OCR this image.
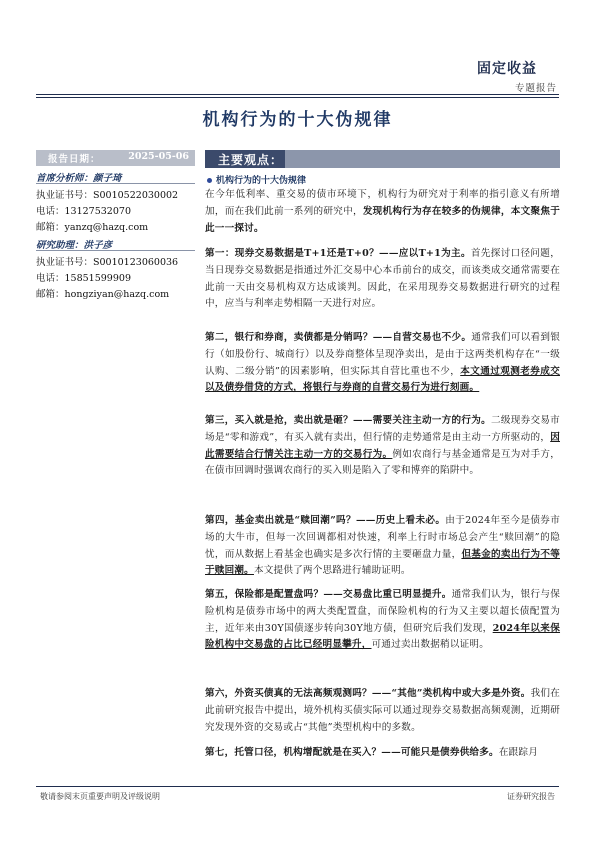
固定收益
专题报告
机构行为的十大伪规律
报告日期：	2025-05-06
首席分析师：颜子琦
执业证书号：S0010522030002
电话：13127532070
邮箱：yanzq@hazq.com
研究助理：洪子彦
执业证书号：S0010123060036
电话：15851599909
邮箱：hongziyan@hazq.com
主要观点：
机构行为的十大伪规律
在今年低利率、重交易的债市环境下，机构行为研究对于利率的指引意义有所增加，而在我们此前一系列的研究中，发现机构行为存在较多的伪规律，本文聚焦于此一一探讨。
第一：现券交易数据是T+1还是T+0？——应以T+1为主。首先探讨口径问题，当日现券交易数据是指通过外汇交易中心本币前台的成交，而该类成交通常需要在此前一天由交易机构双方达成谈判。因此，在采用现券交易数据进行研究的过程中，应当与利率走势相隔一天进行对应。
第二，银行和券商，卖债都是分销吗？——自营交易也不少。通常我们可以看到银行（如股份行、城商行）以及券商整体呈现净卖出，是由于这两类机构存在“一级认购、二级分销”的因素影响，但实际其自营比重也不少，本文通过观测老券成交以及债券借贷的方式，将银行与券商的自营交易行为进行刻画。
第三，买入就是抢，卖出就是砸？——需要关注主动一方的行为。二级现券交易市场是“零和游戏”，有买入就有卖出，但行情的走势通常是由主动一方所驱动的，因此需要结合行情关注主动一方的交易行为。例如农商行与基金通常是互为对手方，在债市回调时强调农商行的买入则是陷入了零和博弈的陷阱中。
第四，基金卖出就是“赎回潮”吗？——历史上看未必。由于2024年至今是债券市场的大牛市，但每一次回调都相对快速，利率上行时市场总会产生“赎回潮”的隐忧，而从数据上看基金也确实是多次行情的主要砸盘力量，但基金的卖出行为不等于赎回潮。本文提供了两个思路进行辅助证明。
第五，保险都是配置盘吗？——交易盘比重已明显提升。通常我们认为，银行与保险机构是债券市场中的两大类配置盘，而保险机构的行为又主要以超长债配置为主，近年来由30Y国债逐步转向30Y地方债，但研究后我们发现，2024年以来保险机构中交易盘的占比已经明显攀升，可通过卖出数据稍以证明。
第六，外资买债真的无法高频观测吗？——“其他”类机构中或大多是外资。我们在此前研究报告中提出，境外机构买债实际可以通过现券交易数据高频观测，近期研究发现外资的交易或占“其他”类型机构中的多数。
第七，托管口径，机构增配就是在买入？——可能只是债券供给多。在跟踪月
敬请参阅末页重要声明及评级说明	证券研究报告
